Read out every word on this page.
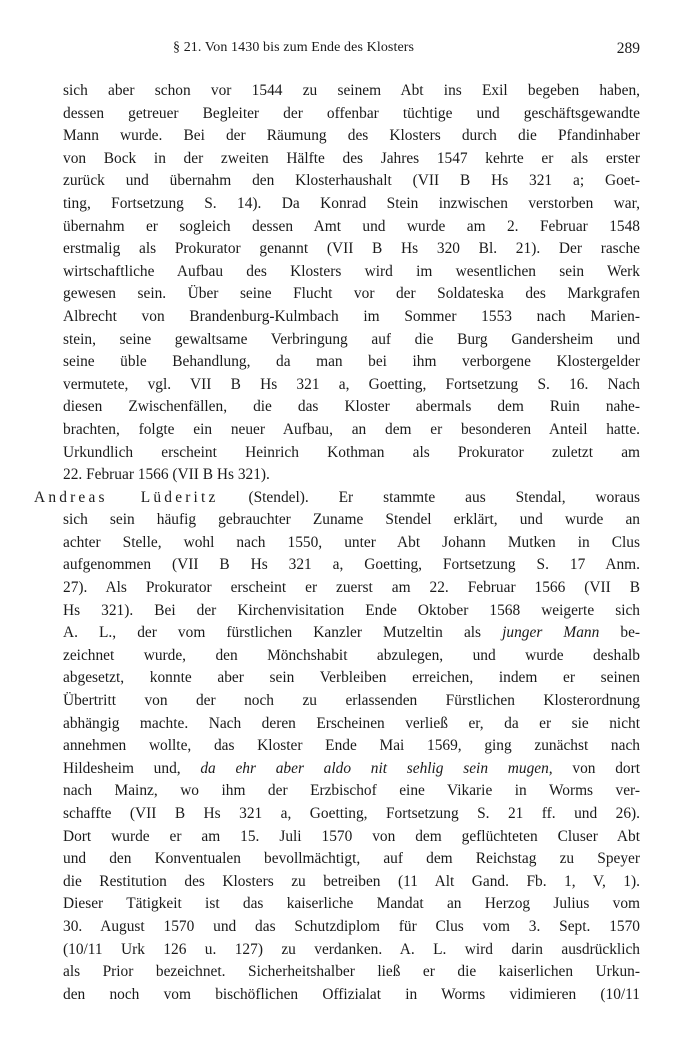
§ 21. Von 1430 bis zum Ende des Klosters	289
sich aber schon vor 1544 zu seinem Abt ins Exil begeben haben,
dessen getreuer Begleiter der offenbar tüchtige und geschäftsgewandte
Mann wurde. Bei der Räumung des Klosters durch die Pfandinhaber
von Bock in der zweiten Hälfte des Jahres 1547 kehrte er als erster
zurück und übernahm den Klosterhaushalt (VII B Hs 321 a; Goet-
ting, Fortsetzung S. 14). Da Konrad Stein inzwischen verstorben war,
übernahm er sogleich dessen Amt und wurde am 2. Februar 1548
erstmalig als Prokurator genannt (VII B Hs 320 Bl. 21). Der rasche
wirtschaftliche Aufbau des Klosters wird im wesentlichen sein Werk
gewesen sein. Über seine Flucht vor der Soldateska des Markgrafen
Albrecht von Brandenburg-Kulmbach im Sommer 1553 nach Marien-
stein, seine gewaltsame Verbringung auf die Burg Gandersheim und
seine üble Behandlung, da man bei ihm verborgene Klostergelder
vermutete, vgl. VII B Hs 321 a, Goetting, Fortsetzung S. 16. Nach
diesen Zwischenfällen, die das Kloster abermals dem Ruin nahe-
brachten, folgte ein neuer Aufbau, an dem er besonderen Anteil hatte.
Urkundlich erscheint Heinrich Kothman als Prokurator zuletzt am
22. Februar 1566 (VII B Hs 321).
Andreas Lüderitz (Stendel). Er stammte aus Stendal, woraus
sich sein häufig gebrauchter Zuname Stendel erklärt, und wurde an
achter Stelle, wohl nach 1550, unter Abt Johann Mutken in Clus
aufgenommen (VII B Hs 321 a, Goetting, Fortsetzung S. 17 Anm.
27). Als Prokurator erscheint er zuerst am 22. Februar 1566 (VII B
Hs 321). Bei der Kirchenvisitation Ende Oktober 1568 weigerte sich
A. L., der vom fürstlichen Kanzler Mutzeltin als junger Mann be-
zeichnet wurde, den Mönchshabit abzulegen, und wurde deshalb
abgesetzt, konnte aber sein Verbleiben erreichen, indem er seinen
Übertritt von der noch zu erlassenden Fürstlichen Klosterordnung
abhängig machte. Nach deren Erscheinen verließ er, da er sie nicht
annehmen wollte, das Kloster Ende Mai 1569, ging zunächst nach
Hildesheim und, da ehr aber aldo nit sehlig sein mugen, von dort
nach Mainz, wo ihm der Erzbischof eine Vikarie in Worms ver-
schaffte (VII B Hs 321 a, Goetting, Fortsetzung S. 21 ff. und 26).
Dort wurde er am 15. Juli 1570 von dem geflüchteten Cluser Abt
und den Konventualen bevollmächtigt, auf dem Reichstag zu Speyer
die Restitution des Klosters zu betreiben (11 Alt Gand. Fb. 1, V, 1).
Dieser Tätigkeit ist das kaiserliche Mandat an Herzog Julius vom
30. August 1570 und das Schutzdiplom für Clus vom 3. Sept. 1570
(10/11 Urk 126 u. 127) zu verdanken. A. L. wird darin ausdrücklich
als Prior bezeichnet. Sicherheitshalber ließ er die kaiserlichen Urkun-
den noch vom bischöflichen Offizialat in Worms vidimieren (10/11
